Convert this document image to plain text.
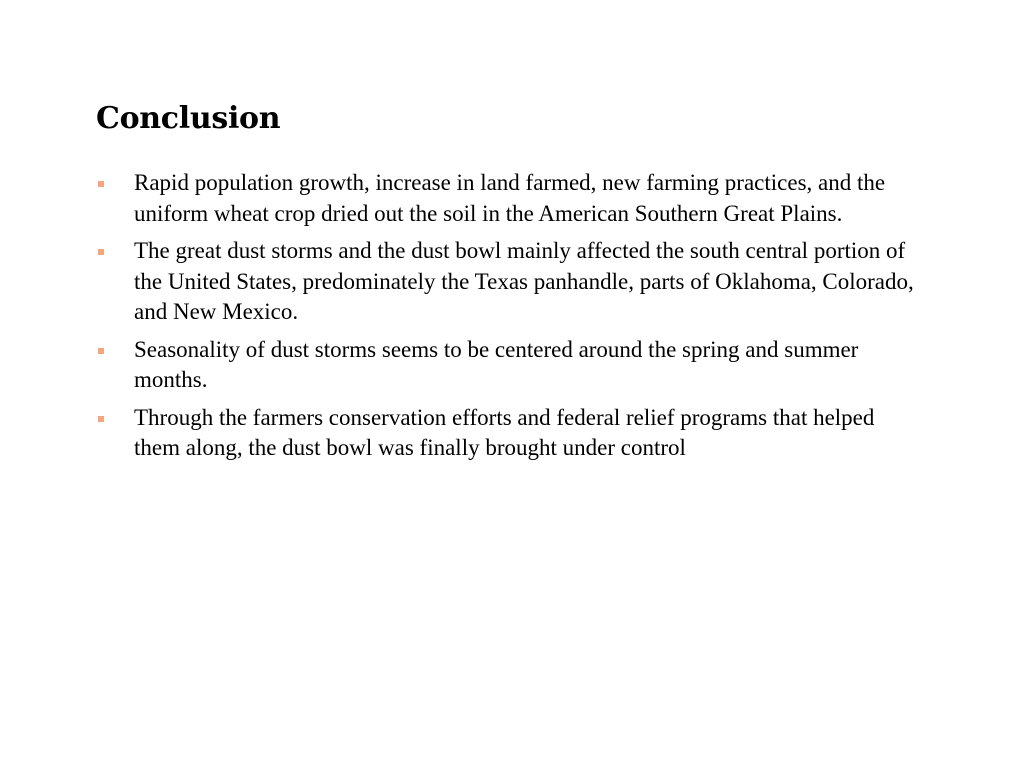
Conclusion
Rapid population growth, increase in land farmed, new farming practices, and the uniform wheat crop dried out the soil in the American Southern Great Plains.
The great dust storms and the dust bowl mainly affected the south central portion of the United States, predominately the Texas panhandle, parts of Oklahoma, Colorado, and New Mexico.
Seasonality of dust storms seems to be centered around the spring and summer months.
Through the farmers conservation efforts and federal relief programs that helped them along, the dust bowl was finally brought under control
